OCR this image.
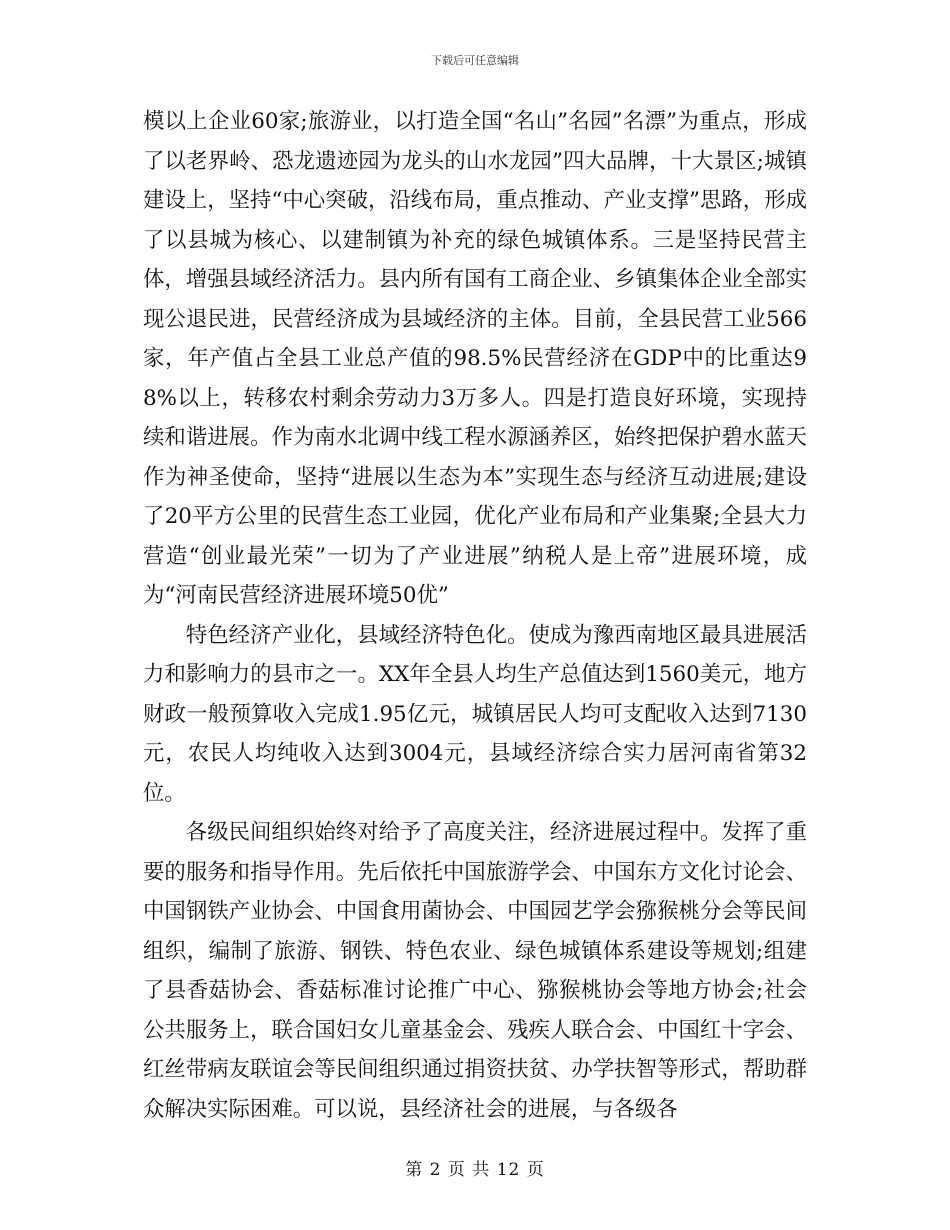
下载后可任意编辑

模以上企业60家;旅游业，以打造全国“名山”名园”名漂”为重点，形成了以老界岭、恐龙遗迹园为龙头的山水龙园”四大品牌，十大景区;城镇建设上，坚持“中心突破，沿线布局，重点推动、产业支撑”思路，形成了以县城为核心、以建制镇为补充的绿色城镇体系。三是坚持民营主体，增强县域经济活力。县内所有国有工商企业、乡镇集体企业全部实现公退民进，民营经济成为县域经济的主体。目前，全县民营工业566家，年产值占全县工业总产值的98.5%民营经济在GDP中的比重达98%以上，转移农村剩余劳动力3万多人。四是打造良好环境，实现持续和谐进展。作为南水北调中线工程水源涵养区，始终把保护碧水蓝天作为神圣使命，坚持“进展以生态为本”实现生态与经济互动进展;建设了20平方公里的民营生态工业园，优化产业布局和产业集聚;全县大力营造“创业最光荣”一切为了产业进展”纳税人是上帝”进展环境，成为“河南民营经济进展环境50优”

特色经济产业化，县域经济特色化。使成为豫西南地区最具进展活力和影响力的县市之一。XX年全县人均生产总值达到1560美元，地方财政一般预算收入完成1.95亿元，城镇居民人均可支配收入达到7130元，农民人均纯收入达到3004元，县域经济综合实力居河南省第32位。

各级民间组织始终对给予了高度关注，经济进展过程中。发挥了重要的服务和指导作用。先后依托中国旅游学会、中国东方文化讨论会、中国钢铁产业协会、中国食用菌协会、中国园艺学会猕猴桃分会等民间组织，编制了旅游、钢铁、特色农业、绿色城镇体系建设等规划;组建了县香菇协会、香菇标准讨论推广中心、猕猴桃协会等地方协会;社会公共服务上，联合国妇女儿童基金会、残疾人联合会、中国红十字会、红丝带病友联谊会等民间组织通过捐资扶贫、办学扶智等形式，帮助群众解决实际困难。可以说，县经济社会的进展，与各级各

第 2 页 共 12 页
